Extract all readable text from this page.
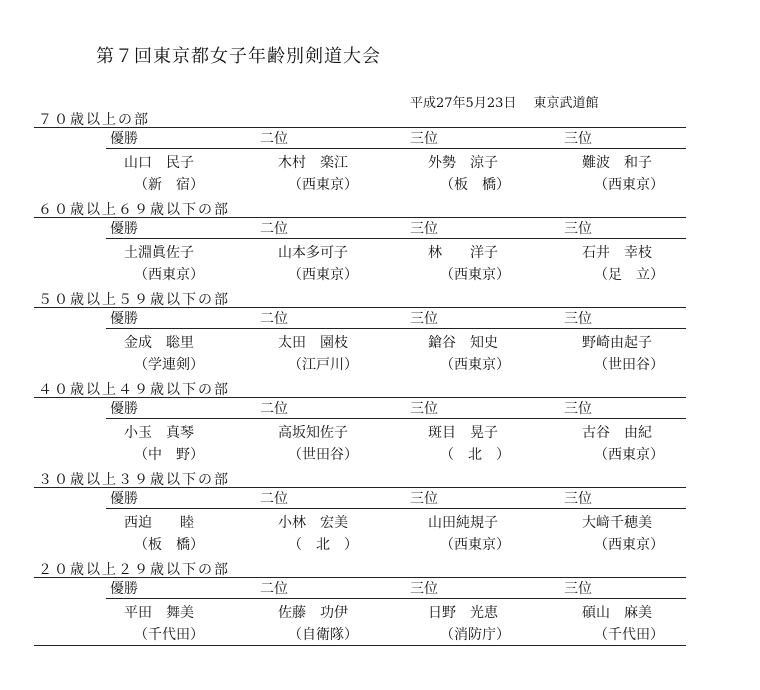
第７回東京都女子年齢別剣道大会
平成27年5月23日　 東京武道館
７０歳以上の部
優勝
山口　民子
（新　宿）
二位
木村　楽江
（西東京）
三位
外勢　涼子
（板　橋）
三位
難波　和子
（西東京）
６０歳以上６９歳以下の部
優勝
土淵眞佐子
（西東京）
二位
山本多可子
（西東京）
三位
林　　洋子
（西東京）
三位
石井　幸枝
（足　立）
５０歳以上５９歳以下の部
優勝
金成　聡里
（学連剣）
二位
太田　園枝
（江戸川）
三位
鎗谷　知史
（西東京）
三位
野崎由起子
（世田谷）
４０歳以上４９歳以下の部
優勝
小玉　真琴
（中　野）
二位
高坂知佐子
（世田谷）
三位
斑目　晃子
（　北　）
三位
古谷　由紀
（西東京）
３０歳以上３９歳以下の部
優勝
西迫　　睦
（板　橋）
二位
小林　宏美
（　北　）
三位
山田純規子
（西東京）
三位
大﨑千穂美
（西東京）
２０歳以上２９歳以下の部
優勝
平田　舞美
（千代田）
二位
佐藤　功伊
（自衛隊）
三位
日野　光恵
（消防庁）
三位
碩山　麻美
（千代田）
